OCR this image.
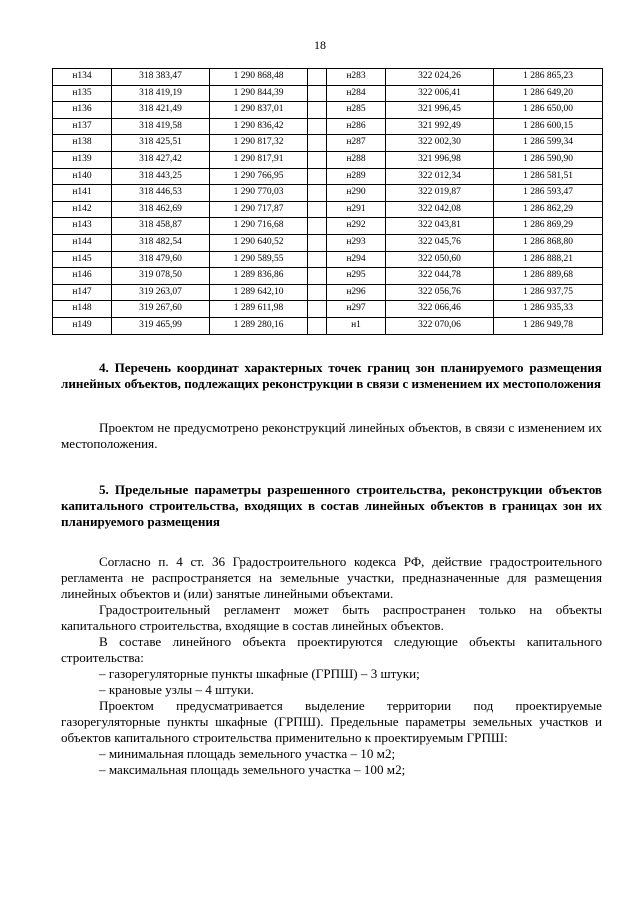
18
н134	318 383,47	1 290 868,48		н283	322 024,26	1 286 865,23
н135	318 419,19	1 290 844,39		н284	322 006,41	1 286 649,20
н136	318 421,49	1 290 837,01		н285	321 996,45	1 286 650,00
н137	318 419,58	1 290 836,42		н286	321 992,49	1 286 600,15
н138	318 425,51	1 290 817,32		н287	322 002,30	1 286 599,34
н139	318 427,42	1 290 817,91		н288	321 996,98	1 286 590,90
н140	318 443,25	1 290 766,95		н289	322 012,34	1 286 581,51
н141	318 446,53	1 290 770,03		н290	322 019,87	1 286 593,47
н142	318 462,69	1 290 717,87		н291	322 042,08	1 286 862,29
н143	318 458,87	1 290 716,68		н292	322 043,81	1 286 869,29
н144	318 482,54	1 290 640,52		н293	322 045,76	1 286 868,80
н145	318 479,60	1 290 589,55		н294	322 050,60	1 286 888,21
н146	319 078,50	1 289 836,86		н295	322 044,78	1 286 889,68
н147	319 263,07	1 289 642,10		н296	322 056,76	1 286 937,75
н148	319 267,60	1 289 611,98		н297	322 066,46	1 286 935,33
н149	319 465,99	1 289 280,16		н1	322 070,06	1 286 949,78

4. Перечень координат характерных точек границ зон планируемого размещения линейных объектов, подлежащих реконструкции в связи с изменением их местоположения

Проектом не предусмотрено реконструкций линейных объектов, в связи с изменением их местоположения.

5. Предельные параметры разрешенного строительства, реконструкции объектов капитального строительства, входящих в состав линейных объектов в границах зон их планируемого размещения

Согласно п. 4 ст. 36 Градостроительного кодекса РФ, действие градостроительного регламента не распространяется на земельные участки, предназначенные для размещения линейных объектов и (или) занятые линейными объектами.

Градостроительный регламент может быть распространен только на объекты капитального строительства, входящие в состав линейных объектов.

В составе линейного объекта проектируются следующие объекты капитального строительства:

– газорегуляторные пункты шкафные (ГРПШ) – 3 штуки;

– крановые узлы – 4 штуки.

Проектом предусматривается выделение территории под проектируемые газорегуляторные пункты шкафные (ГРПШ). Предельные параметры земельных участков и объектов капитального строительства применительно к проектируемым ГРПШ:

– минимальная площадь земельного участка – 10 м2;

– максимальная площадь земельного участка – 100 м2;
